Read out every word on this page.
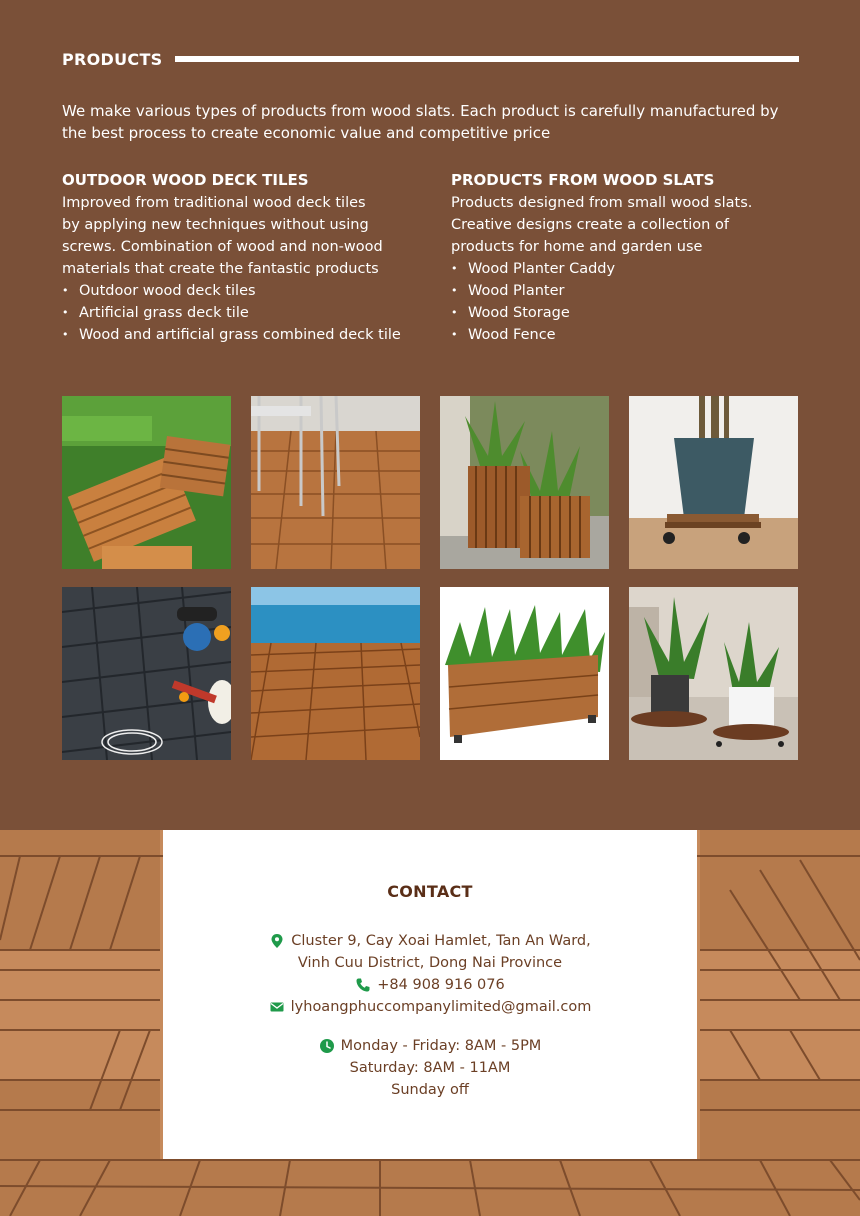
PRODUCTS

We make various types of products from wood slats. Each product is carefully manufactured by the best process to create economic value and competitive price

OUTDOOR WOOD DECK TILES
Improved from traditional wood deck tiles
by applying new techniques without using
screws. Combination of wood and non-wood
materials that create the fantastic products
• Outdoor wood deck tiles
• Artificial grass deck tile
• Wood and artificial grass combined deck tile
PRODUCTS FROM WOOD SLATS
Products designed from small wood slats.
Creative designs create a collection of
products for home and garden use
• Wood Planter Caddy
• Wood Planter
• Wood Storage
• Wood Fence
CONTACT
Cluster 9, Cay Xoai Hamlet, Tan An Ward,
Vinh Cuu District, Dong Nai Province
+84 908 916 076
lyhoangphuccompanylimited@gmail.com
Monday - Friday: 8AM - 5PM
Saturday: 8AM - 11AM
Sunday off
